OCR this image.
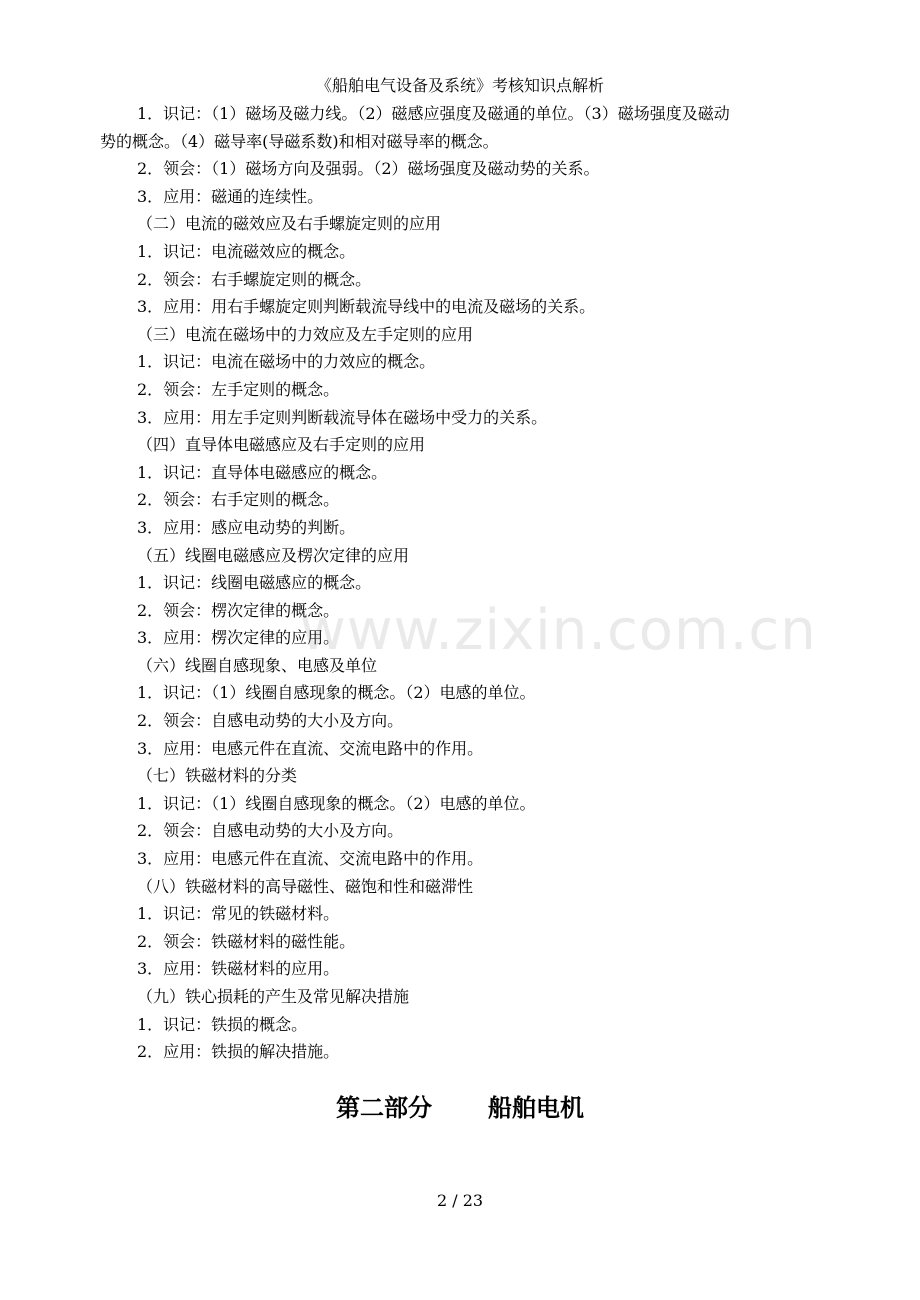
《船舶电气设备及系统》考核知识点解析
1．识记：（1）磁场及磁力线。（2）磁感应强度及磁通的单位。（3）磁场强度及磁动
势的概念。（4）磁导率(导磁系数)和相对磁导率的概念。
2．领会：（1）磁场方向及强弱。（2）磁场强度及磁动势的关系。
3．应用：磁通的连续性。
（二）电流的磁效应及右手螺旋定则的应用
1．识记：电流磁效应的概念。
2．领会：右手螺旋定则的概念。
3．应用：用右手螺旋定则判断载流导线中的电流及磁场的关系。
（三）电流在磁场中的力效应及左手定则的应用
1．识记：电流在磁场中的力效应的概念。
2．领会：左手定则的概念。
3．应用：用左手定则判断载流导体在磁场中受力的关系。
（四）直导体电磁感应及右手定则的应用
1．识记：直导体电磁感应的概念。
2．领会：右手定则的概念。
3．应用：感应电动势的判断。
（五）线圈电磁感应及楞次定律的应用
1．识记：线圈电磁感应的概念。
2．领会：楞次定律的概念。
3．应用：楞次定律的应用。
（六）线圈自感现象、电感及单位
1．识记：（1）线圈自感现象的概念。（2）电感的单位。
2．领会：自感电动势的大小及方向。
3．应用：电感元件在直流、交流电路中的作用。
（七）铁磁材料的分类
1．识记：（1）线圈自感现象的概念。（2）电感的单位。
2．领会：自感电动势的大小及方向。
3．应用：电感元件在直流、交流电路中的作用。
（八）铁磁材料的高导磁性、磁饱和性和磁滞性
1．识记：常见的铁磁材料。
2．领会：铁磁材料的磁性能。
3．应用：铁磁材料的应用。
（九）铁心损耗的产生及常见解决措施
1．识记：铁损的概念。
2．应用：铁损的解决措施。
第二部分 船舶电机
www.zixin.com.cn
2 / 23
